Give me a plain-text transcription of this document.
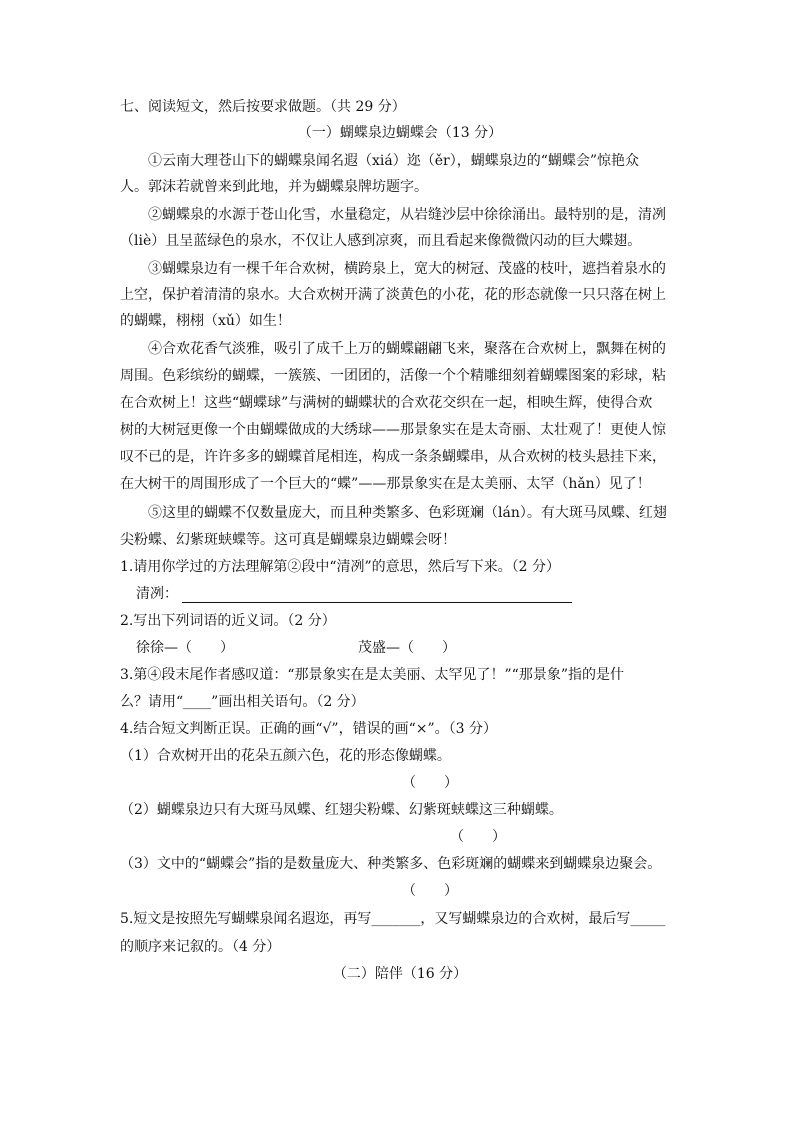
七、阅读短文，然后按要求做题。（共 29 分）
（一）蝴蝶泉边蝴蝶会（13 分）
①云南大理苍山下的蝴蝶泉闻名遐（xiá）迩（ěr），蝴蝶泉边的“蝴蝶会”惊艳众
人。郭沫若就曾来到此地，并为蝴蝶泉牌坊题字。
②蝴蝶泉的水源于苍山化雪，水量稳定，从岩缝沙层中徐徐涌出。最特别的是，清冽
（liè）且呈蓝绿色的泉水，不仅让人感到凉爽，而且看起来像微微闪动的巨大蝶翅。
③蝴蝶泉边有一棵千年合欢树，横跨泉上，宽大的树冠、茂盛的枝叶，遮挡着泉水的
上空，保护着清清的泉水。大合欢树开满了淡黄色的小花，花的形态就像一只只落在树上
的蝴蝶，栩栩（xǔ）如生！
④合欢花香气淡雅，吸引了成千上万的蝴蝶翩翩飞来，聚落在合欢树上，飘舞在树的
周围。色彩缤纷的蝴蝶，一簇簇、一团团的，活像一个个精雕细刻着蝴蝶图案的彩球，粘
在合欢树上！这些“蝴蝶球”与满树的蝴蝶状的合欢花交织在一起，相映生辉，使得合欢
树的大树冠更像一个由蝴蝶做成的大绣球——那景象实在是太奇丽、太壮观了！更使人惊
叹不已的是，许许多多的蝴蝶首尾相连，构成一条条蝴蝶串，从合欢树的枝头悬挂下来，
在大树干的周围形成了一个巨大的“蝶”——那景象实在是太美丽、太罕（hǎn）见了！
⑤这里的蝴蝶不仅数量庞大，而且种类繁多、色彩斑斓（lán）。有大斑马凤蝶、红翅
尖粉蝶、幻紫斑蛱蝶等。这可真是蝴蝶泉边蝴蝶会呀！
1.请用你学过的方法理解第②段中“清冽”的意思，然后写下来。（2 分）
清冽：
2.写出下列词语的近义词。（2 分）
徐徐—（　　）	茂盛—（　　）
3.第④段末尾作者感叹道：“那景象实在是太美丽、太罕见了！”“那景象”指的是什
么？请用“____”画出相关语句。（2 分）
4.结合短文判断正误。正确的画“√”，错误的画“×”。（3 分）
（1）合欢树开出的花朵五颜六色，花的形态像蝴蝶。
（　　）
（2）蝴蝶泉边只有大斑马凤蝶、红翅尖粉蝶、幻紫斑蛱蝶这三种蝴蝶。
（　　）
（3）文中的“蝴蝶会”指的是数量庞大、种类繁多、色彩斑斓的蝴蝶来到蝴蝶泉边聚会。
（　　）
5.短文是按照先写蝴蝶泉闻名遐迩，再写_______，又写蝴蝶泉边的合欢树，最后写_____
的顺序来记叙的。（4 分）
（二）陪伴（16 分）
